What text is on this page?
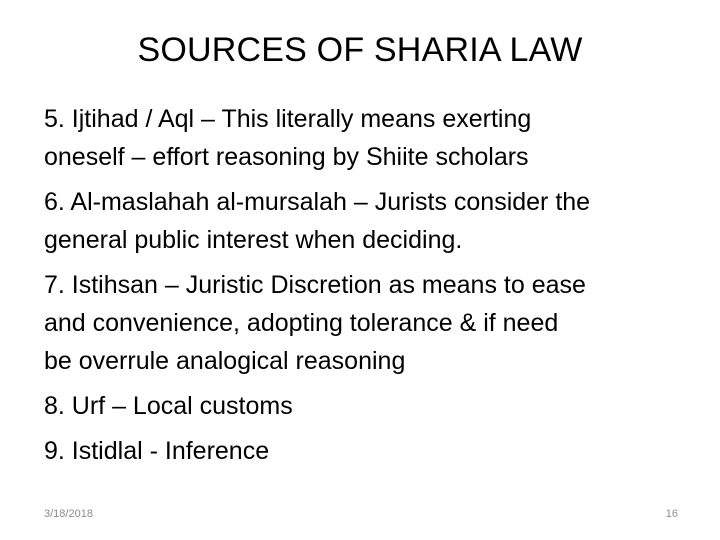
SOURCES OF SHARIA LAW
5. Ijtihad / Aql – This literally means exerting
oneself – effort reasoning by Shiite scholars
6. Al-maslahah al-mursalah – Jurists consider the
general public interest when deciding.
7. Istihsan – Juristic Discretion as means to ease
and convenience, adopting tolerance & if need
be overrule analogical reasoning
8. Urf – Local customs
9. Istidlal - Inference
3/18/2018	16
